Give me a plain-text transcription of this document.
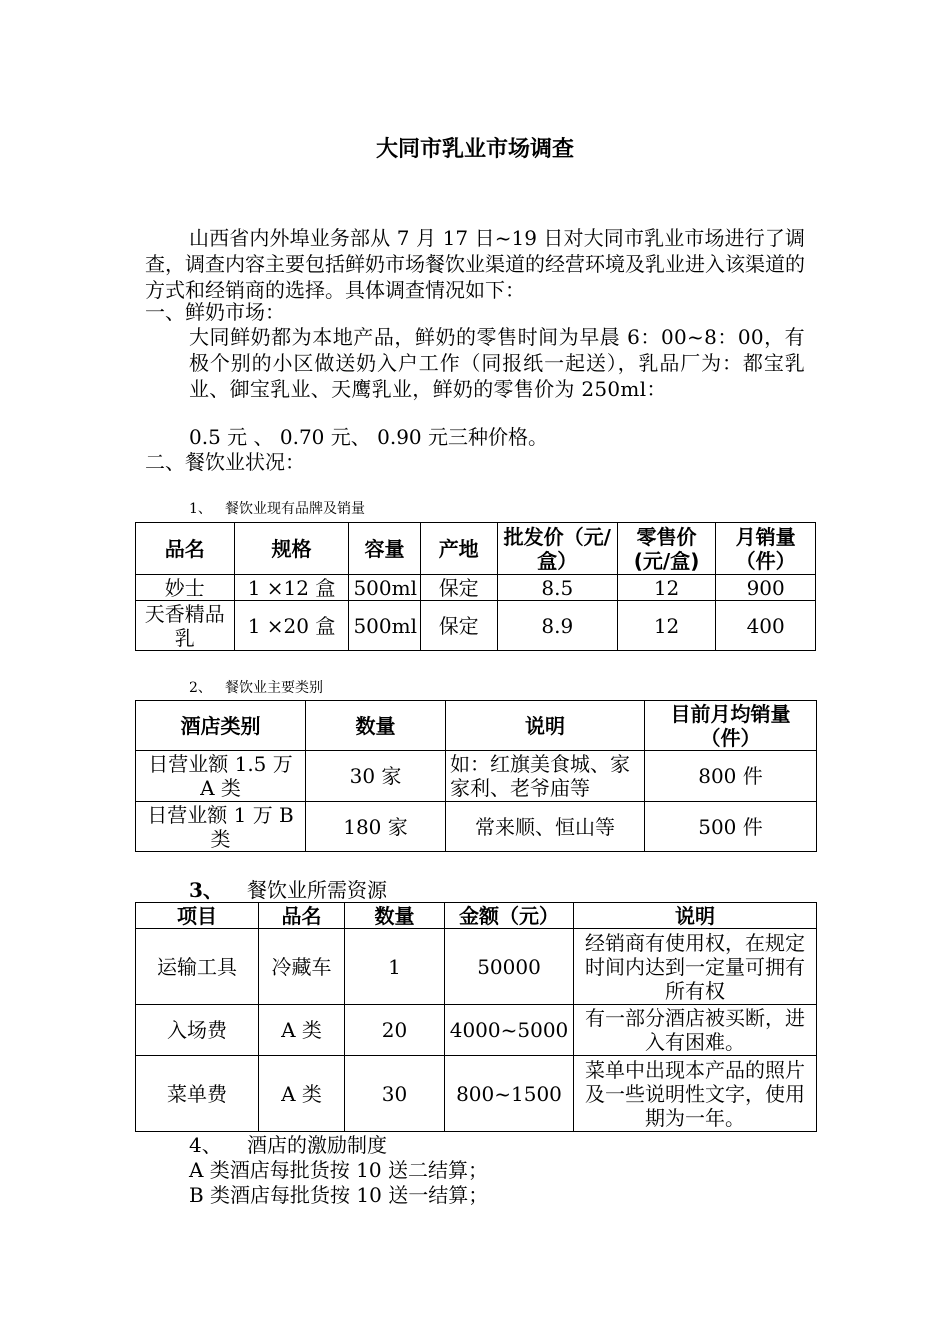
大同市乳业市场调查

山西省内外埠业务部从 7 月 17 日~19 日对大同市乳业市场进行了调查，调查内容主要包括鲜奶市场餐饮业渠道的经营环境及乳业进入该渠道的方式和经销商的选择。具体调查情况如下：

一、鲜奶市场：

大同鲜奶都为本地产品，鲜奶的零售时间为早晨 6：00~8：00，有极个别的小区做送奶入户工作（同报纸一起送），乳品厂为：都宝乳业、御宝乳业、天鹰乳业，鲜奶的零售价为 250ml：

0.5 元 、 0.70 元、 0.90 元三种价格。

二、餐饮业状况：

1、 餐饮业现有品牌及销量
品名	规格	容量	产地	批发价（元/盒）	零售价(元/盒)	月销量（件）
妙士	1 ×12 盒	500ml	保定	8.5	12	900
天香精品乳	1 ×20 盒	500ml	保定	8.9	12	400
2、 餐饮业主要类别
酒店类别	数量	说明	目前月均销量（件）
日营业额 1.5 万 A 类	30 家	如：红旗美食城、家家利、老爷庙等	800 件
日营业额 1 万 B 类	180 家	常来顺、恒山等	500 件
3、 餐饮业所需资源
项目	品名	数量	金额（元）	说明
运输工具	冷藏车	1	50000	经销商有使用权，在规定时间内达到一定量可拥有所有权
入场费	A 类	20	4000~5000	有一部分酒店被买断，进入有困难。
菜单费	A 类	30	800~1500	菜单中出现本产品的照片及一些说明性文字，使用期为一年。
4、 酒店的激励制度

A 类酒店每批货按 10 送二结算；

B 类酒店每批货按 10 送一结算；
